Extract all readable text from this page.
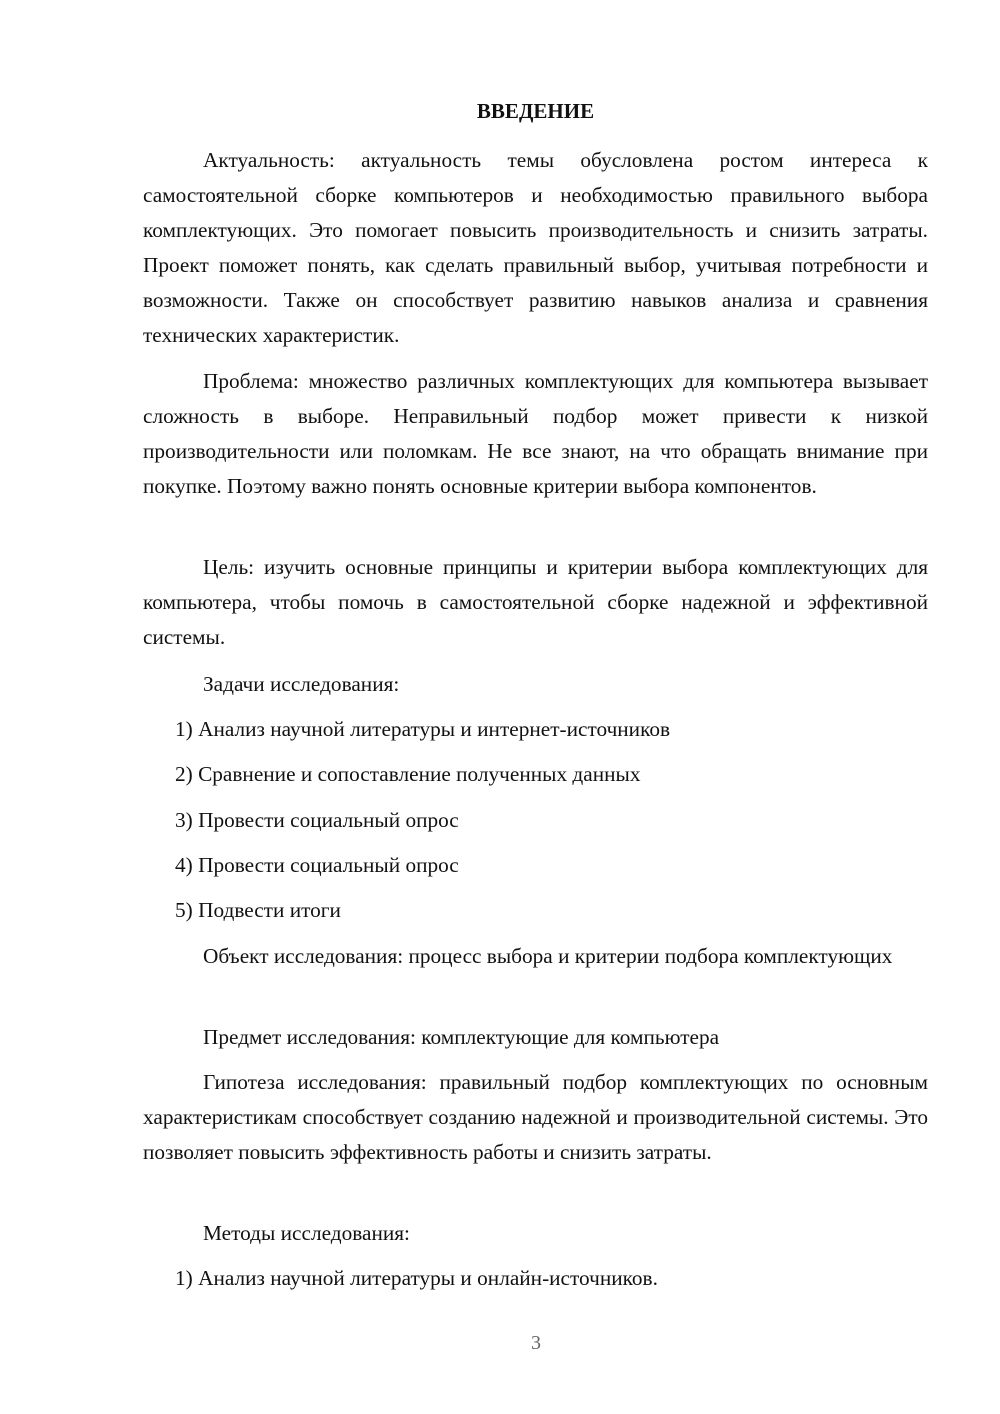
ВВЕДЕНИЕ

Актуальность: актуальность темы обусловлена ростом интереса к самостоятельной сборке компьютеров и необходимостью правильного выбора комплектующих. Это помогает повысить производительность и снизить затраты. Проект поможет понять, как сделать правильный выбор, учитывая потребности и возможности. Также он способствует развитию навыков анализа и сравнения технических характеристик.

Проблема: множество различных комплектующих для компьютера вызывает сложность в выборе. Неправильный подбор может привести к низкой производительности или поломкам. Не все знают, на что обращать внимание при покупке. Поэтому важно понять основные критерии выбора компонентов.

Цель: изучить основные принципы и критерии выбора комплектующих для компьютера, чтобы помочь в самостоятельной сборке надежной и эффективной системы.

Задачи исследования:

1) Анализ научной литературы и интернет-источников

2) Сравнение и сопоставление полученных данных

3) Провести социальный опрос

4) Провести социальный опрос

5) Подвести итоги

Объект исследования: процесс выбора и критерии подбора комплектующих

Предмет исследования: комплектующие для компьютера

Гипотеза исследования: правильный подбор комплектующих по основным характеристикам способствует созданию надежной и производительной системы. Это позволяет повысить эффективность работы и снизить затраты.

Методы исследования:

1) Анализ научной литературы и онлайн-источников.

3
